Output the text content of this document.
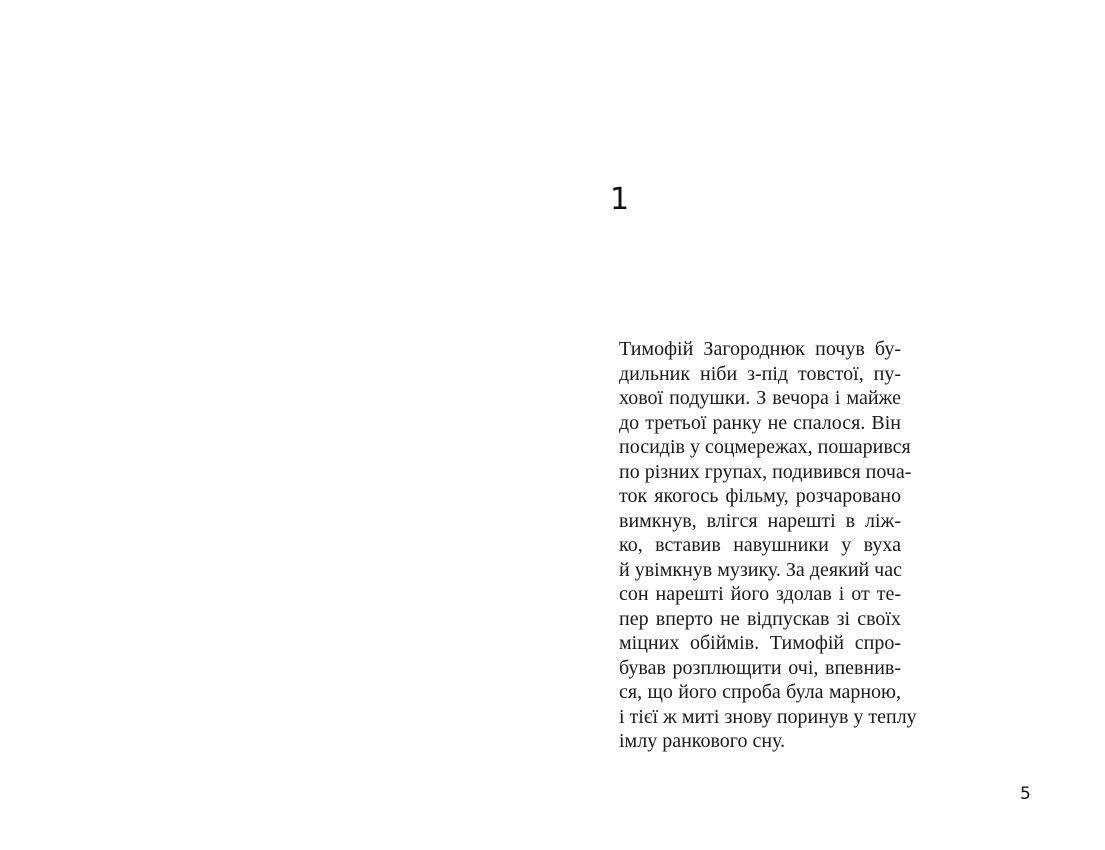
1
Тимофій Загороднюк почув бу-
дильник ніби з-під товстої, пу-
хової подушки. З вечора і майже
до третьої ранку не спалося. Він
посидів у соцмережах, пошарився
по різних групах, подивився поча-
ток якогось фільму, розчаровано
вимкнув, влігся нарешті в ліж-
ко, вставив навушники у вуха
й увімкнув музику. За деякий час
сон нарешті його здолав і от те-
пер вперто не відпускав зі своїх
міцних обіймів. Тимофій спро-
бував розплющити очі, впевнив-
ся, що його спроба була марною,
і тієї ж миті знову поринув у теплу
імлу ранкового сну.
5
